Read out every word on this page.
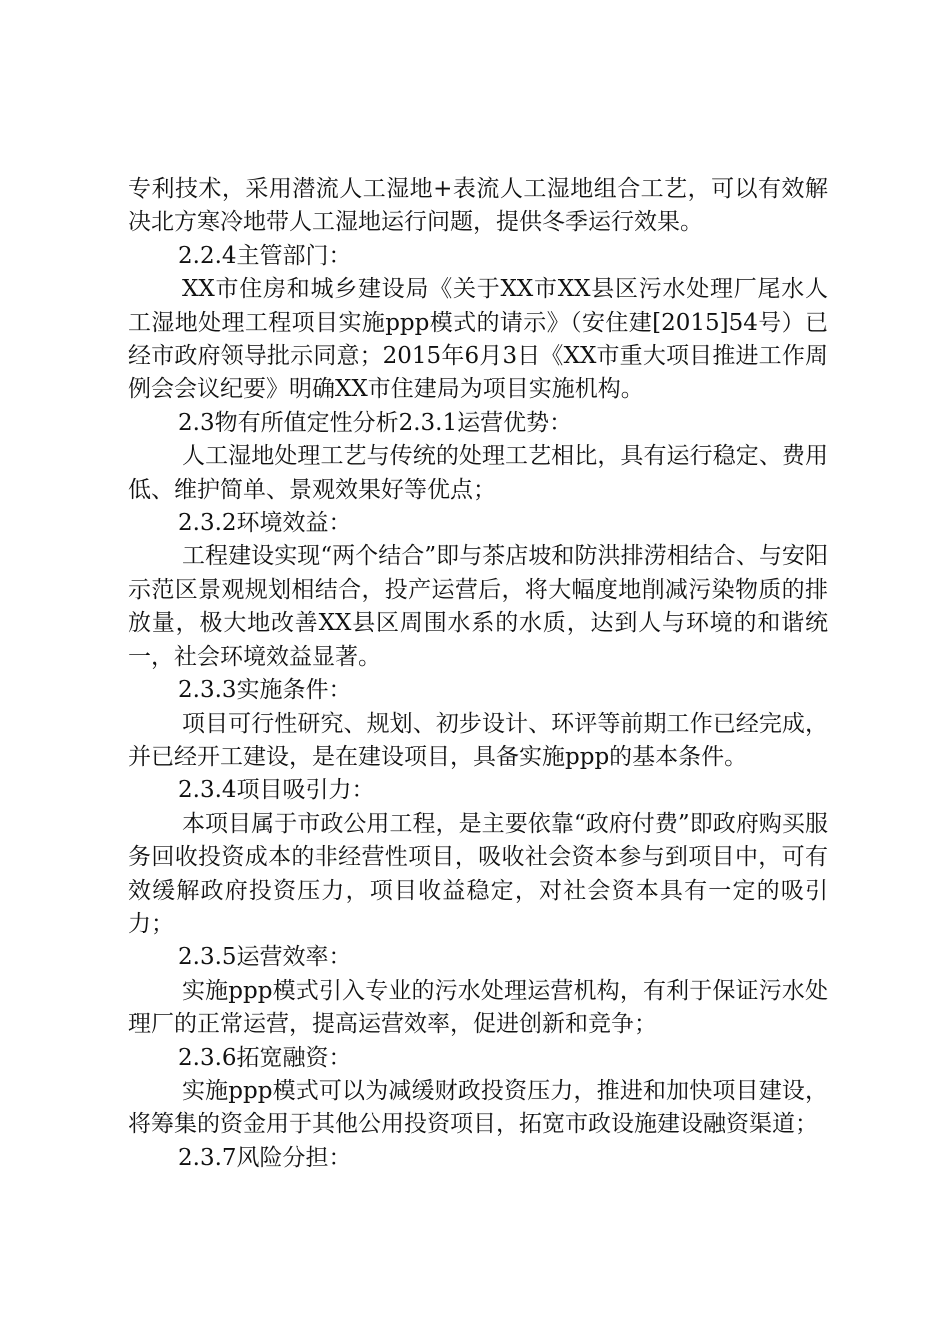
专利技术，采用潜流人工湿地+表流人工湿地组合工艺，可以有效解决北方寒冷地带人工湿地运行问题，提供冬季运行效果。

2.2.4主管部门：

XX市住房和城乡建设局《关于XX市XX县区污水处理厂尾水人工湿地处理工程项目实施ppp模式的请示》（安住建[2015]54号）已经市政府领导批示同意；2015年6月3日《XX市重大项目推进工作周例会会议纪要》明确XX市住建局为项目实施机构。

2.3物有所值定性分析2.3.1运营优势：

人工湿地处理工艺与传统的处理工艺相比，具有运行稳定、费用低、维护简单、景观效果好等优点；

2.3.2环境效益：

工程建设实现“两个结合”即与茶店坡和防洪排涝相结合、与安阳示范区景观规划相结合，投产运营后，将大幅度地削减污染物质的排放量，极大地改善XX县区周围水系的水质，达到人与环境的和谐统一，社会环境效益显著。

2.3.3实施条件：

项目可行性研究、规划、初步设计、环评等前期工作已经完成，并已经开工建设，是在建设项目，具备实施ppp的基本条件。

2.3.4项目吸引力：

本项目属于市政公用工程，是主要依靠“政府付费”即政府购买服务回收投资成本的非经营性项目，吸收社会资本参与到项目中，可有效缓解政府投资压力，项目收益稳定，对社会资本具有一定的吸引力；

2.3.5运营效率：

实施ppp模式引入专业的污水处理运营机构，有利于保证污水处理厂的正常运营，提高运营效率，促进创新和竞争；

2.3.6拓宽融资：

实施ppp模式可以为减缓财政投资压力，推进和加快项目建设，将筹集的资金用于其他公用投资项目，拓宽市政设施建设融资渠道；

2.3.7风险分担：
